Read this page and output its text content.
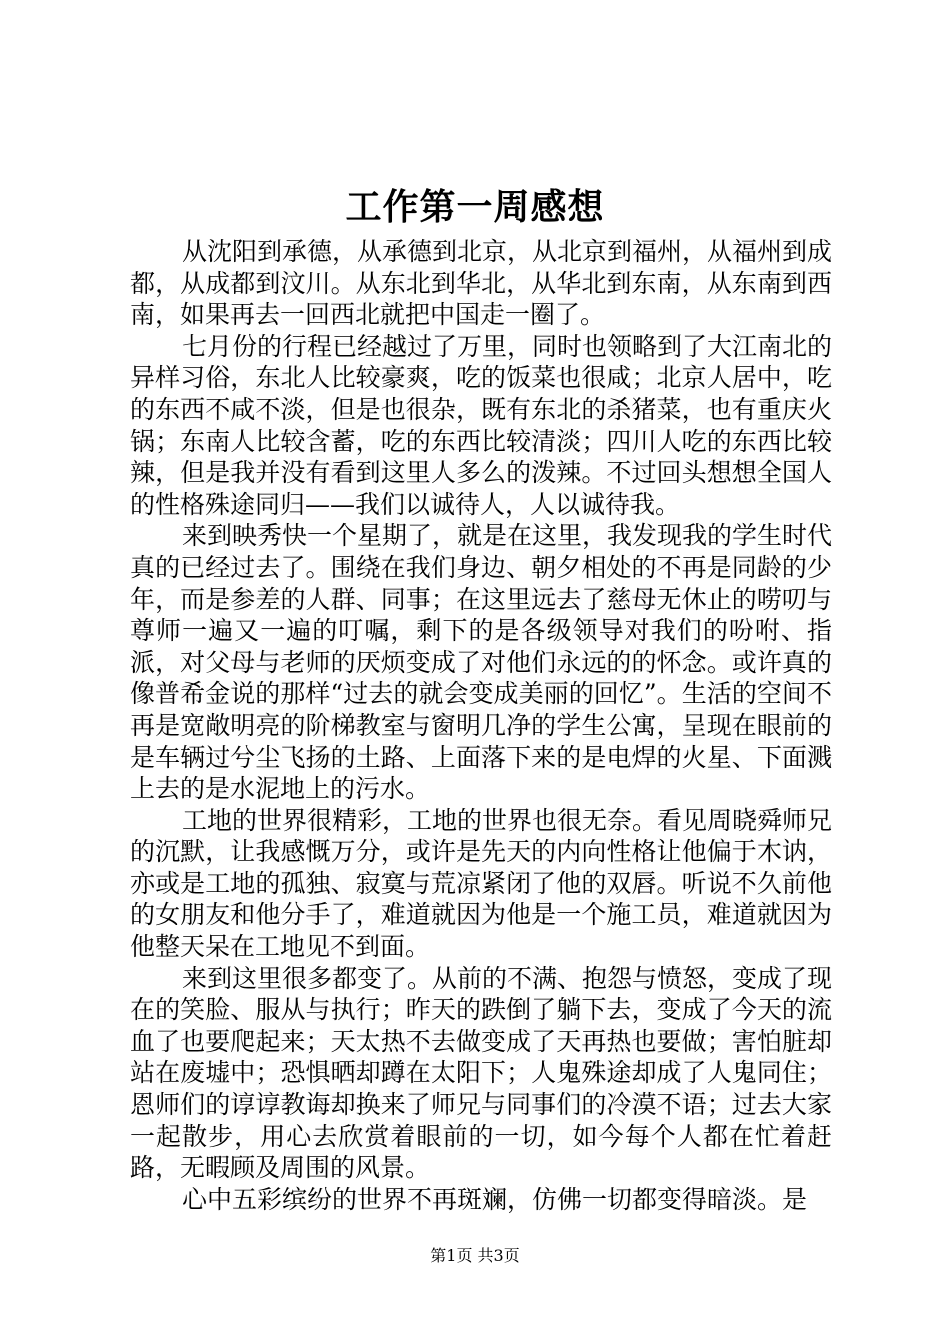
工作第一周感想

从沈阳到承德，从承德到北京，从北京到福州，从福州到成都，从成都到汶川。从东北到华北，从华北到东南，从东南到西南，如果再去一回西北就把中国走一圈了。

七月份的行程已经越过了万里，同时也领略到了大江南北的异样习俗，东北人比较豪爽，吃的饭菜也很咸；北京人居中，吃的东西不咸不淡，但是也很杂，既有东北的杀猪菜，也有重庆火锅；东南人比较含蓄，吃的东西比较清淡；四川人吃的东西比较辣，但是我并没有看到这里人多么的泼辣。不过回头想想全国人的性格殊途同归——我们以诚待人，人以诚待我。

来到映秀快一个星期了，就是在这里，我发现我的学生时代真的已经过去了。围绕在我们身边、朝夕相处的不再是同龄的少年，而是参差的人群、同事；在这里远去了慈母无休止的唠叨与尊师一遍又一遍的叮嘱，剩下的是各级领导对我们的吩咐、指派，对父母与老师的厌烦变成了对他们永远的的怀念。或许真的像普希金说的那样“过去的就会变成美丽的回忆”。生活的空间不再是宽敞明亮的阶梯教室与窗明几净的学生公寓，呈现在眼前的是车辆过兮尘飞扬的土路、上面落下来的是电焊的火星、下面溅上去的是水泥地上的污水。

工地的世界很精彩，工地的世界也很无奈。看见周晓舜师兄的沉默，让我感慨万分，或许是先天的内向性格让他偏于木讷，亦或是工地的孤独、寂寞与荒凉紧闭了他的双唇。听说不久前他的女朋友和他分手了，难道就因为他是一个施工员，难道就因为他整天呆在工地见不到面。

来到这里很多都变了。从前的不满、抱怨与愤怒，变成了现在的笑脸、服从与执行；昨天的跌倒了躺下去，变成了今天的流血了也要爬起来；天太热不去做变成了天再热也要做；害怕脏却站在废墟中；恐惧晒却蹲在太阳下；人鬼殊途却成了人鬼同住；恩师们的谆谆教诲却换来了师兄与同事们的冷漠不语；过去大家一起散步，用心去欣赏着眼前的一切，如今每个人都在忙着赶路，无暇顾及周围的风景。

心中五彩缤纷的世界不再斑斓，仿佛一切都变得暗淡。是

第1页 共3页
